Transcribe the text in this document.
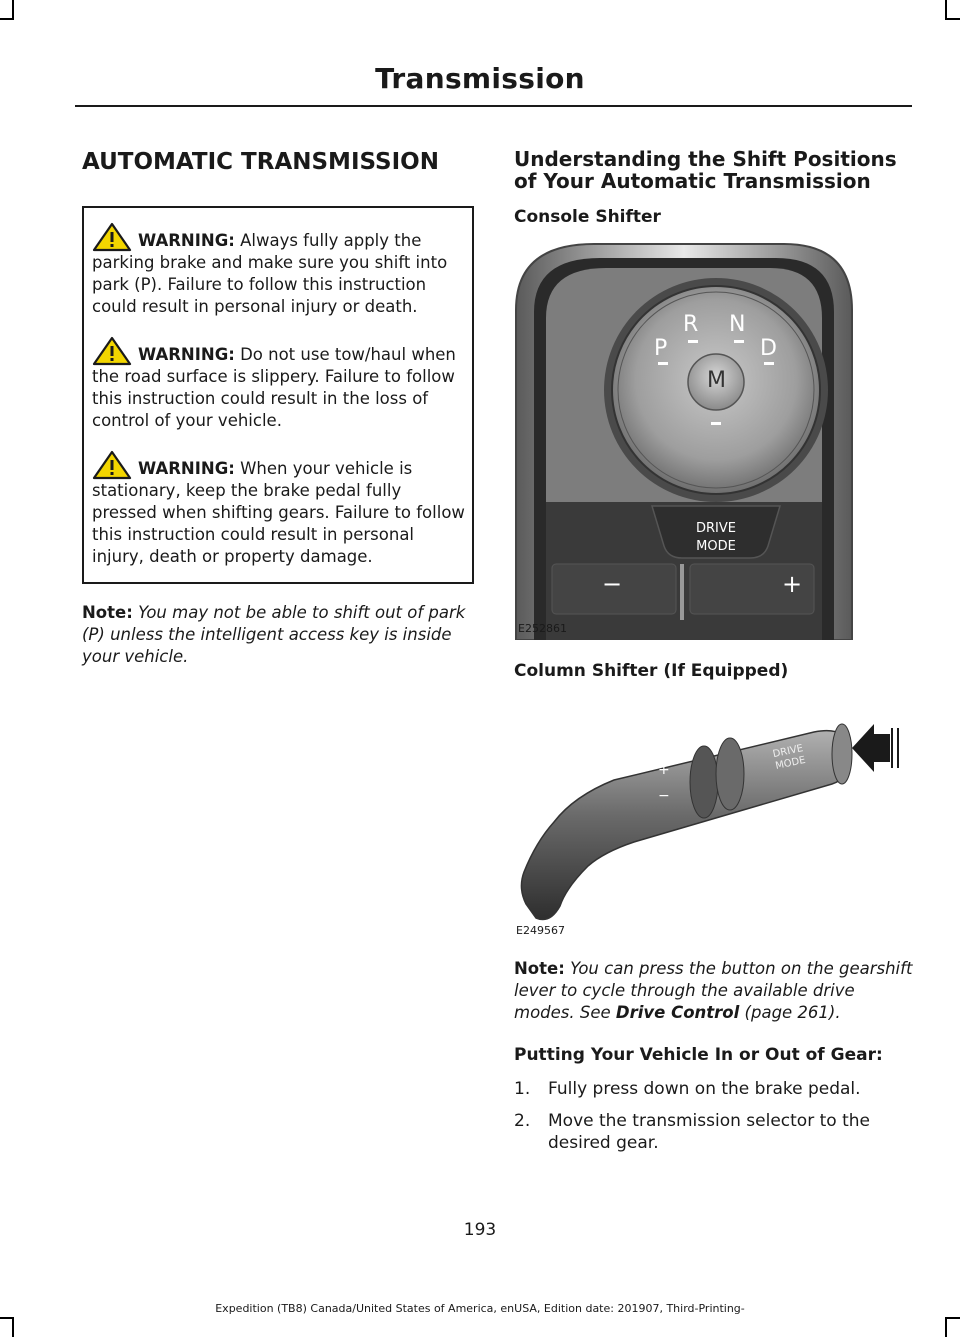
Transmission
AUTOMATIC TRANSMISSION
WARNING: Always fully apply the parking brake and make sure you shift into park (P). Failure to follow this instruction could result in personal injury or death.
WARNING: Do not use tow/haul when the road surface is slippery. Failure to follow this instruction could result in the loss of control of your vehicle.
WARNING: When your vehicle is stationary, keep the brake pedal fully pressed when shifting gears. Failure to follow this instruction could result in personal injury, death or property damage.
Note: You may not be able to shift out of park (P) unless the intelligent access key is inside your vehicle.
Understanding the Shift Positions of Your Automatic Transmission
Console Shifter
P
R N
D
M
DRIVE
MODE
−	+
E252861
Column Shifter (If Equipped)
DRIVE
MODE
+
−
E249567
Note: You can press the button on the gearshift lever to cycle through the available drive modes. See Drive Control (page 261).
Putting Your Vehicle In or Out of Gear:
1.	Fully press down on the brake pedal.
2.	Move the transmission selector to the desired gear.
193
Expedition (TB8) Canada/United States of America, enUSA, Edition date: 201907, Third-Printing-
